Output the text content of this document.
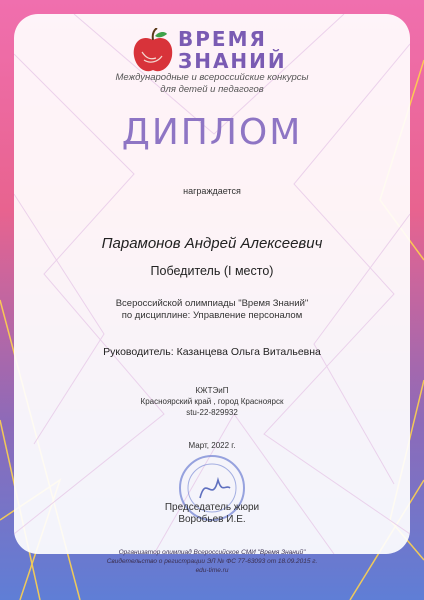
ВРЕМЯ
ЗНАНИЙ
Международные и всероссийские конкурсы
для детей и педагогов
ДИПЛОМ
награждается
Парамонов Андрей Алексеевич
Победитель (I место)
Всероссийской олимпиады "Время Знаний"
по дисциплине: Управление персоналом
Руководитель: Казанцева Ольга Витальевна
КЖТЭиП
Красноярский край , город Красноярск
stu-22-829932
Март, 2022 г.
Председатель жюри
Воробьев И.Е.
Организатор олимпиад Всероссийское СМИ "Время Знаний"
Свидетельство о регистрации ЭЛ № ФС 77-63093 от 18.09.2015 г.
edu-time.ru
